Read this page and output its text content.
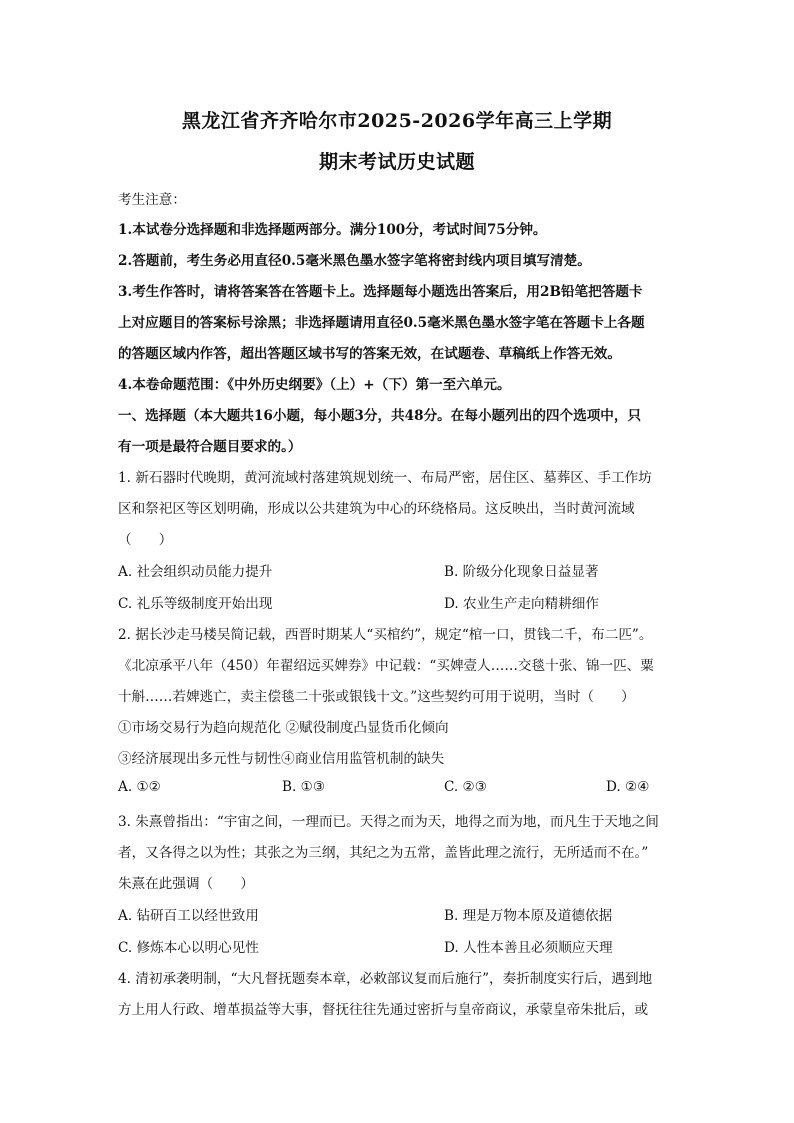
黑龙江省齐齐哈尔市2025-2026学年高三上学期
期末考试历史试题
考生注意：
1.本试卷分选择题和非选择题两部分。满分100分，考试时间75分钟。
2.答题前，考生务必用直径0.5毫米黑色墨水签字笔将密封线内项目填写清楚。
3.考生作答时，请将答案答在答题卡上。选择题每小题选出答案后，用2B铅笔把答题卡
上对应题目的答案标号涂黑；非选择题请用直径0.5毫米黑色墨水签字笔在答题卡上各题
的答题区域内作答，超出答题区域书写的答案无效，在试题卷、草稿纸上作答无效。
4.本卷命题范围：《中外历史纲要》（上）+（下）第一至六单元。
一、选择题（本大题共16小题，每小题3分，共48分。在每小题列出的四个选项中，只
有一项是最符合题目要求的。）
1. 新石器时代晚期，黄河流域村落建筑规划统一、布局严密，居住区、墓葬区、手工作坊
区和祭祀区等区划明确，形成以公共建筑为中心的环绕格局。这反映出，当时黄河流域
（　　）
A. 社会组织动员能力提升	B. 阶级分化现象日益显著
C. 礼乐等级制度开始出现	D. 农业生产走向精耕细作
2. 据长沙走马楼吴简记载，西晋时期某人“买棺约”，规定“棺一口，贯钱二千，布二匹”。
《北凉承平八年（450）年翟绍远买婢券》中记载：“买婢壹人……交毯十张、锦一匹、粟
十斛……若婢逃亡，卖主偿毯二十张或银钱十文。”这些契约可用于说明，当时（　　）
①市场交易行为趋向规范化 ②赋役制度凸显货币化倾向
③经济展现出多元性与韧性④商业信用监管机制的缺失
A. ①②	B. ①③	C. ②③	D. ②④
3. 朱熹曾指出：“宇宙之间，一理而已。天得之而为天，地得之而为地，而凡生于天地之间
者，又各得之以为性；其张之为三纲，其纪之为五常，盖皆此理之流行，无所适而不在。”
朱熹在此强调（　　）
A. 钻研百工以经世致用	B. 理是万物本原及道德依据
C. 修炼本心以明心见性	D. 人性本善且必须顺应天理
4. 清初承袭明制，“大凡督抚题奏本章，必敕部议复而后施行”，奏折制度实行后，遇到地
方上用人行政、增革损益等大事，督抚往往先通过密折与皇帝商议，承蒙皇帝朱批后，或
